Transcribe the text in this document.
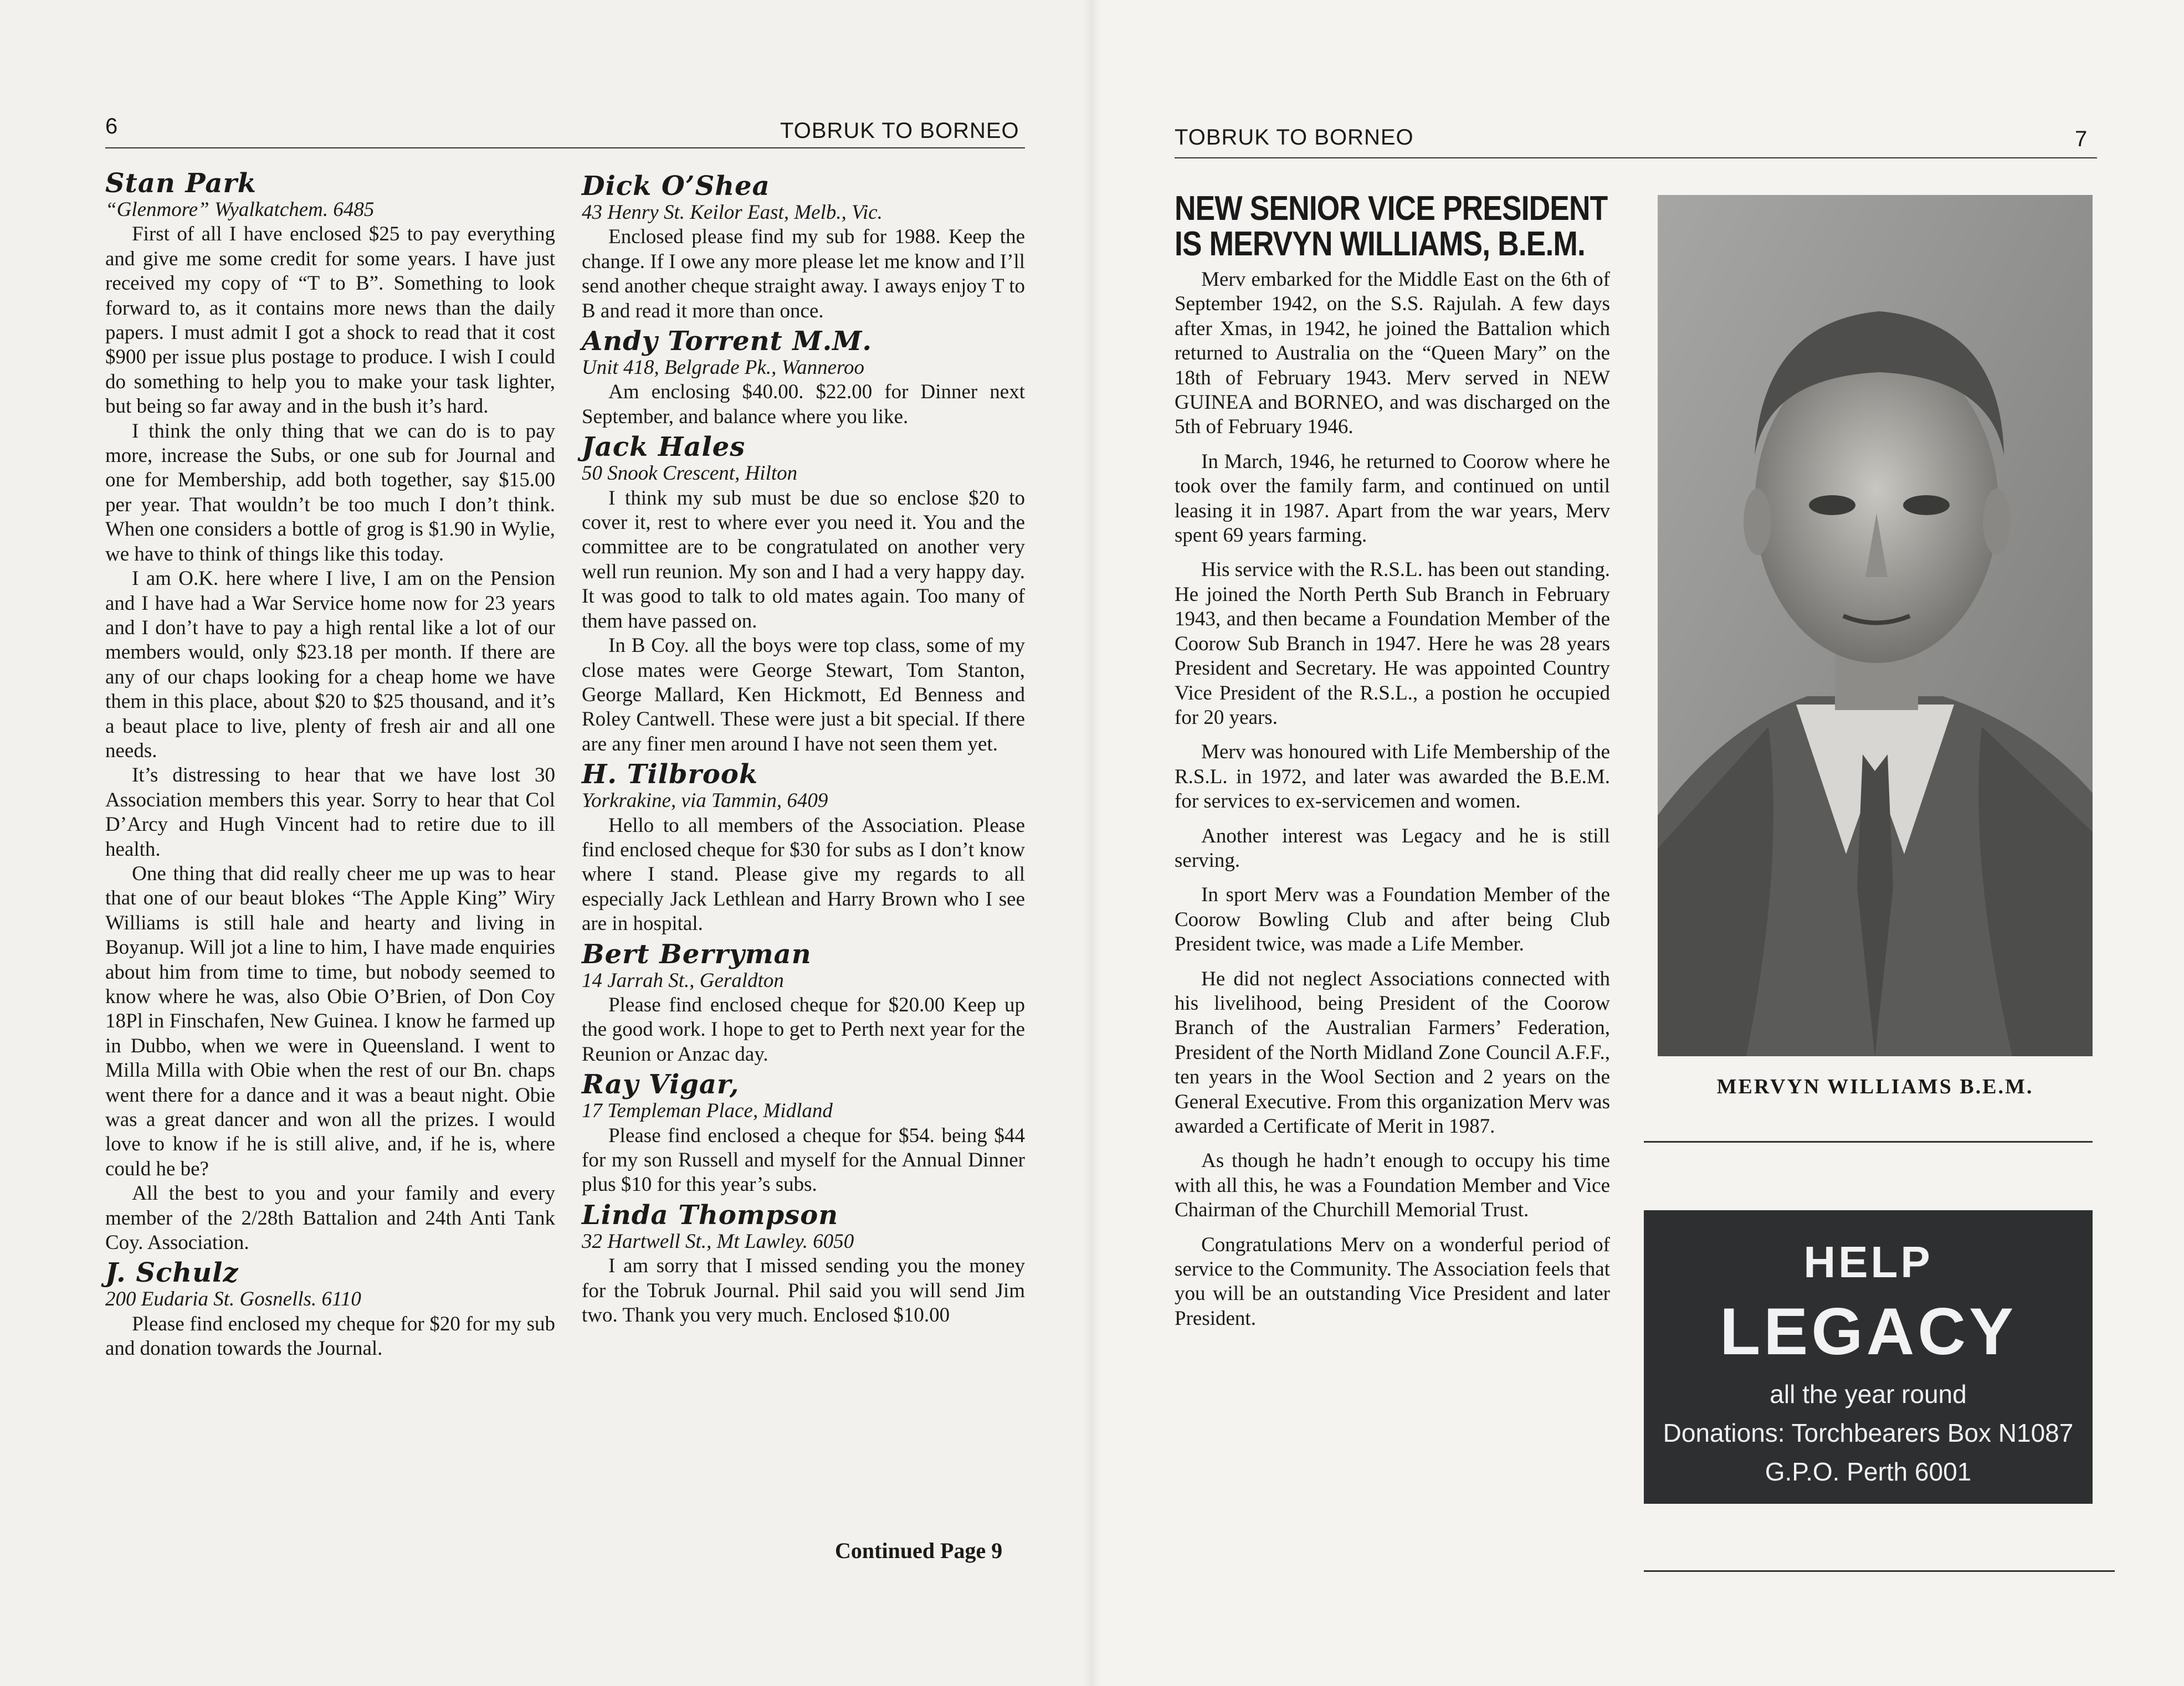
6	TOBRUK TO BORNEO
Stan Park
“Glenmore” Wyalkatchem. 6485

First of all I have enclosed $25 to pay everything and give me some credit for some years. I have just received my copy of “T to B”. Something to look forward to, as it contains more news than the daily papers. I must admit I got a shock to read that it cost $900 per issue plus postage to produce. I wish I could do something to help you to make your task lighter, but being so far away and in the bush it’s hard.

I think the only thing that we can do is to pay more, increase the Subs, or one sub for Journal and one for Membership, add both together, say $15.00 per year. That wouldn’t be too much I don’t think. When one considers a bottle of grog is $1.90 in Wylie, we have to think of things like this today.

I am O.K. here where I live, I am on the Pension and I have had a War Service home now for 23 years and I don’t have to pay a high rental like a lot of our members would, only $23.18 per month. If there are any of our chaps looking for a cheap home we have them in this place, about $20 to $25 thousand, and it’s a beaut place to live, plenty of fresh air and all one needs.

It’s distressing to hear that we have lost 30 Association members this year. Sorry to hear that Col D’Arcy and Hugh Vincent had to retire due to ill health.

One thing that did really cheer me up was to hear that one of our beaut blokes “The Apple King” Wiry Williams is still hale and hearty and living in Boyanup. Will jot a line to him, I have made enquiries about him from time to time, but nobody seemed to know where he was, also Obie O’Brien, of Don Coy 18Pl in Finschafen, New Guinea. I know he farmed up in Dubbo, when we were in Queensland. I went to Milla Milla with Obie when the rest of our Bn. chaps went there for a dance and it was a beaut night. Obie was a great dancer and won all the prizes. I would love to know if he is still alive, and, if he is, where could he be?

All the best to you and your family and every member of the 2/28th Battalion and 24th Anti Tank Coy. Association.

J. Schulz
200 Eudaria St. Gosnells. 6110

Please find enclosed my cheque for $20 for my sub and donation towards the Journal.

Dick O’Shea
43 Henry St. Keilor East, Melb., Vic.

Enclosed please find my sub for 1988. Keep the change. If I owe any more please let me know and I’ll send another cheque straight away. I aways enjoy T to B and read it more than once.

Andy Torrent M.M.
Unit 418, Belgrade Pk., Wanneroo

Am enclosing $40.00. $22.00 for Dinner next September, and balance where you like.

Jack Hales
50 Snook Crescent, Hilton

I think my sub must be due so enclose $20 to cover it, rest to where ever you need it. You and the committee are to be congratulated on another very well run reunion. My son and I had a very happy day. It was good to talk to old mates again. Too many of them have passed on.

In B Coy. all the boys were top class, some of my close mates were George Stewart, Tom Stanton, George Mallard, Ken Hickmott, Ed Benness and Roley Cantwell. These were just a bit special. If there are any finer men around I have not seen them yet.

H. Tilbrook
Yorkrakine, via Tammin, 6409

Hello to all members of the Association. Please find enclosed cheque for $30 for subs as I don’t know where I stand. Please give my regards to all especially Jack Lethlean and Harry Brown who I see are in hospital.

Bert Berryman
14 Jarrah St., Geraldton

Please find enclosed cheque for $20.00 Keep up the good work. I hope to get to Perth next year for the Reunion or Anzac day.

Ray Vigar,
17 Templeman Place, Midland

Please find enclosed a cheque for $54. being $44 for my son Russell and myself for the Annual Dinner plus $10 for this year’s subs.

Linda Thompson
32 Hartwell St., Mt Lawley. 6050

I am sorry that I missed sending you the money for the Tobruk Journal. Phil said you will send Jim two. Thank you very much. Enclosed $10.00

Continued Page 9
TOBRUK TO BORNEO	7
NEW SENIOR VICE PRESIDENT
IS MERVYN WILLIAMS, B.E.M.

Merv embarked for the Middle East on the 6th of September 1942, on the S.S. Rajulah. A few days after Xmas, in 1942, he joined the Battalion which returned to Australia on the “Queen Mary” on the 18th of February 1943. Merv served in NEW GUINEA and BORNEO, and was discharged on the 5th of February 1946.

In March, 1946, he returned to Coorow where he took over the family farm, and continued on until leasing it in 1987. Apart from the war years, Merv spent 69 years farming.

His service with the R.S.L. has been out standing. He joined the North Perth Sub Branch in February 1943, and then became a Foundation Member of the Coorow Sub Branch in 1947. Here he was 28 years President and Secretary. He was appointed Country Vice President of the R.S.L., a postion he occupied for 20 years.

Merv was honoured with Life Membership of the R.S.L. in 1972, and later was awarded the B.E.M. for services to ex-servicemen and women.

Another interest was Legacy and he is still serving.

In sport Merv was a Foundation Member of the Coorow Bowling Club and after being Club President twice, was made a Life Member.

He did not neglect Associations connected with his livelihood, being President of the Coorow Branch of the Australian Farmers’ Federation, President of the North Midland Zone Council A.F.F., ten years in the Wool Section and 2 years on the General Executive. From this organization Merv was awarded a Certificate of Merit in 1987.

As though he hadn’t enough to occupy his time with all this, he was a Foundation Member and Vice Chairman of the Churchill Memorial Trust.

Congratulations Merv on a wonderful period of service to the Community. The Association feels that you will be an outstanding Vice President and later President.

MERVYN WILLIAMS B.E.M.
HELP
LEGACY
all the year round
Donations: Torchbearers Box N1087
G.P.O. Perth 6001
